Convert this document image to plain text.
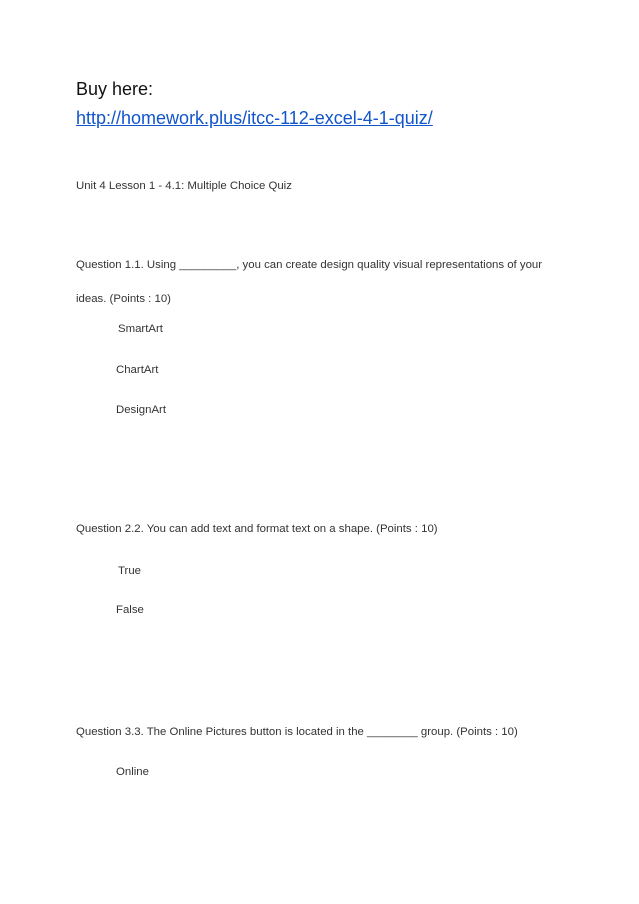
Buy here:
http://homework.plus/itcc-112-excel-4-1-quiz/
Unit 4 Lesson 1 - 4.1: Multiple Choice Quiz
Question 1.1. Using _________, you can create design quality visual representations of your
ideas. (Points : 10)
SmartArt
ChartArt
DesignArt
Question 2.2. You can add text and format text on a shape. (Points : 10)
True
False
Question 3.3. The Online Pictures button is located in the ________ group. (Points : 10)
Online
